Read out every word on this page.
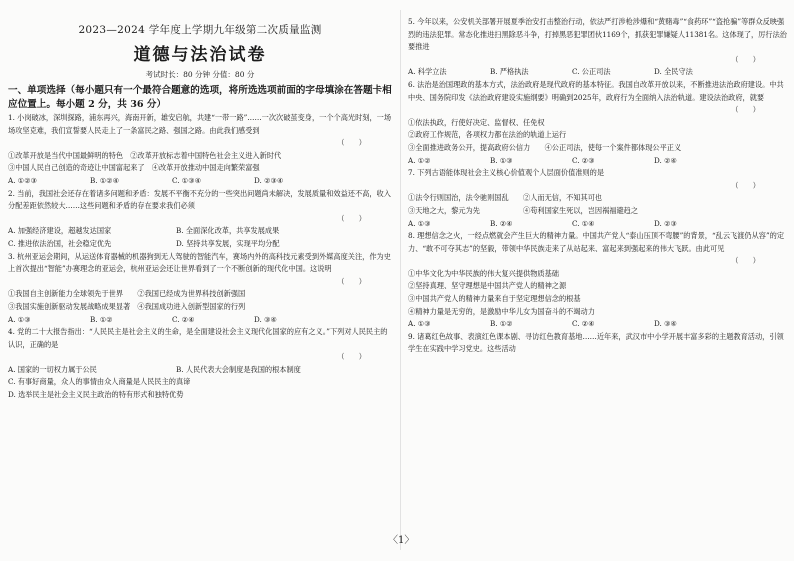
2023—2024 学年度上学期九年级第二次质量监测
道德与法治试卷
考试时长：80 分钟 分值：80 分
一、单项选择（每小题只有一个最符合题意的选项，将所选选项前面的字母填涂在答题卡相应位置上。每小题 2 分，共 36 分）

1. 小岗破冰，深圳探路，浦东再兴，海南开新，雄安启航，共建“一带一路”……一次次破茧变身，一个个高光时刻，一场场攻坚克难，我们宣誓要人民走上了一条富民之路、强国之路。由此我们感受到

（　　）
①改革开放是当代中国最鲜明的特色　②改革开放标志着中国特色社会主义进入新时代
③中国人民自己创造的奇迹让中国富起来了　④改革开放推动中国走向繁荣富强
A. ①②③	B. ①②④	C. ①③④	D. ②③④

2. 当前，我国社会还存在着诸多问题和矛盾：发展不平衡不充分的一些突出问题尚未解决，发展质量和效益还不高，收入分配差距依然较大……这些问题和矛盾的存在要求我们必须

（　　）
A. 加强经济建设，超越发达国家	B. 全面深化改革，共享发展成果
C. 推进依法治国，社会稳定优先	D. 坚持共享发展，实现平均分配

3. 杭州亚运会期间，从运送体育器械的机器狗到无人驾驶的智能汽车，赛场内外的高科技元素受到外媒高度关注，作为史上首次提出“智能”办赛理念的亚运会，杭州亚运会还让世界看到了一个不断创新的现代化中国。这说明

（　　）
①我国自主创新能力全球领先于世界　　②我国已经成为世界科技创新强国
③我国实施创新驱动发展战略成果显著　④我国成功进入创新型国家的行列
A. ①③	B. ①②	C. ②④	D. ③④

4. 党的二十大报告指出：“人民民主是社会主义的生命，是全面建设社会主义现代化国家的应有之义。”下列对人民民主的认识，正确的是

（　　）
A. 国家的一切权力属于公民	B. 人民代表大会制度是我国的根本制度
C. 有事好商量，众人的事情由众人商量是人民民主的真谛
D. 选举民主是社会主义民主政治的特有形式和独特优势

5. 今年以来，公安机关部署开展夏季治安打击整治行动，依法严打涉枪涉爆和“黄赌毒”“食药环”“盗抢骗”等群众反映强烈的违法犯罪。常态化推进扫黑除恶斗争，打掉黑恶犯罪团伙1169个，抓获犯罪嫌疑人11381名。这体现了，厉行法治要推进

（　　）
A. 科学立法	B. 严格执法	C. 公正司法	D. 全民守法

6. 法治是治国理政的基本方式，法治政府是现代政府的基本特征。我国自改革开放以来，不断推进法治政府建设。中共中央、国务院印发《法治政府建设实施纲要》明确到2025年，政府行为全面纳入法治轨道。建设法治政府，就要

（　　）
①依法执政，行使好决定、监督权、任免权
②政府工作规范，各项权力都在法治的轨道上运行
③全面推进政务公开，提高政府公信力　　④公正司法，使每一个案件都体现公平正义
A. ①②	B. ①③	C. ②③	D. ②④

7. 下列古语能体现社会主义核心价值观个人层面价值准则的是

（　　）
①法令行则国治，法令驰则国乱　　②人而无信，不知其可也
③天地之大，黎元为先　　　　　　④苟利国家生死以，岂因祸福避趋之
A. ①③	B. ②④	C. ①④	D. ②③

8. 理想信念之火，一经点燃就会产生巨大的精神力量。中国共产党人“泰山压顶不弯腰”的背景，“乱云飞渡仍从容”的定力、“敢不可夺其志”的坚毅，带领中华民族走来了从站起来、富起来到强起来的伟大飞跃。由此可见

（　　）
①中华文化为中华民族的伟大复兴提供物质基础
②坚持真理、坚守理想是中国共产党人的精神之源
③中国共产党人的精神力量来自于坚定理想信念的根基
④精神力量是无穷的，是激励中华儿女为国奋斗的不竭动力
A. ①③	B. ①②	C. ②④	D. ③④

9. 诸葛红色故事、表演红色课本剧、寻访红色教育基地……近年来，武汉市中小学开展丰富多彩的主题教育活动，引领学生在实践中学习党史。这些活动

〈1〉
